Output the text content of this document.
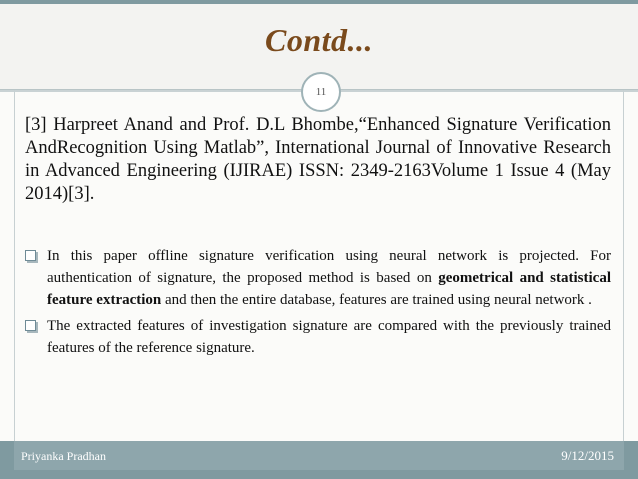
Contd...
11
[3] Harpreet Anand and Prof. D.L Bhombe,“Enhanced Signature Verification AndRecognition Using Matlab”, International Journal of Innovative Research in Advanced Engineering (IJIRAE) ISSN: 2349-2163Volume 1 Issue 4 (May 2014)[3].
In this paper offline signature verification using neural network is projected. For authentication of signature, the proposed method is based on geometrical and statistical feature extraction and then the entire database, features are trained using neural network .
The extracted features of investigation signature are compared with the previously trained features of the reference signature.
Priyanka Pradhan	9/12/2015
